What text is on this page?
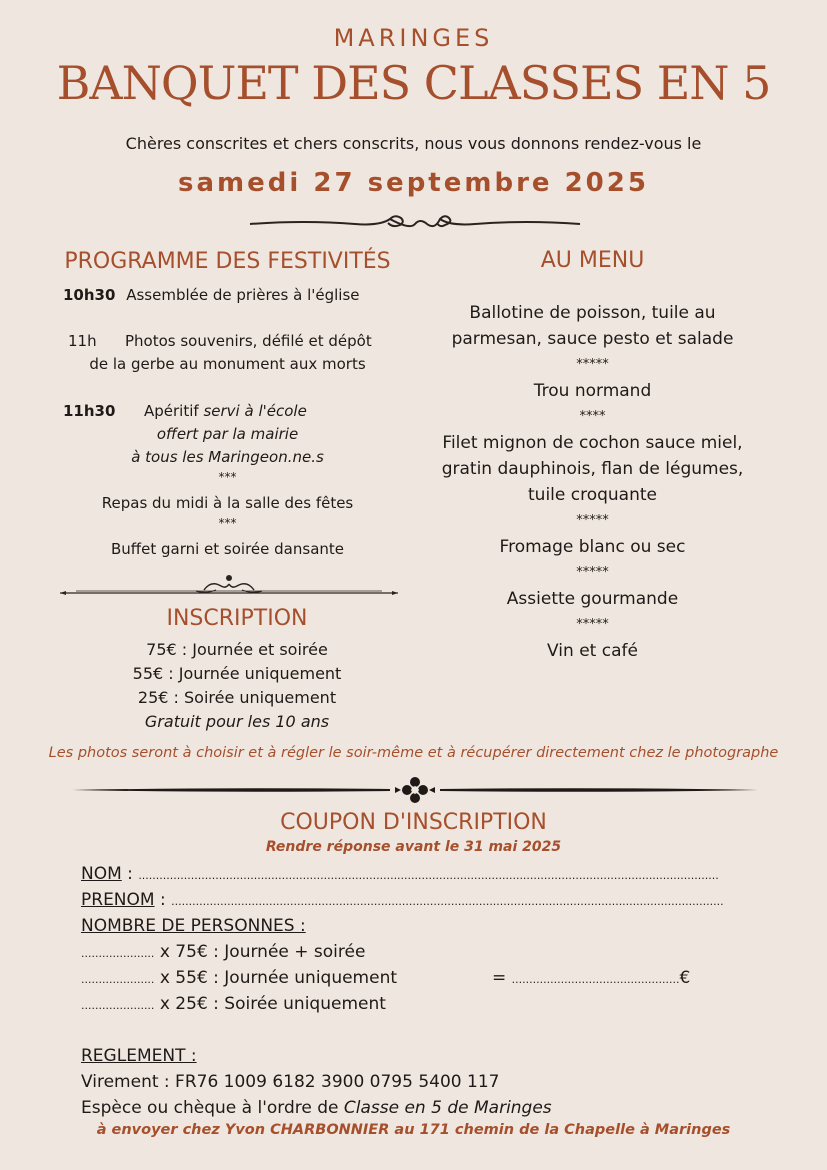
MARINGES
BANQUET DES CLASSES EN 5
Chères conscrites et chers conscrits, nous vous donnons rendez-vous le
samedi 27 septembre 2025
PROGRAMME DES FESTIVITÉS
10h30 Assemblée de prières à l'église
11h Photos souvenirs, défilé et dépôt
de la gerbe au monument aux morts
11h30 Apéritif servi à l'école
offert par la mairie
à tous les Maringeon.ne.s
***
Repas du midi à la salle des fêtes
***
Buffet garni et soirée dansante
INSCRIPTION
75€ : Journée et soirée
55€ : Journée uniquement
25€ : Soirée uniquement
Gratuit pour les 10 ans
AU MENU
Ballotine de poisson, tuile au
parmesan, sauce pesto et salade
*****
Trou normand
****
Filet mignon de cochon sauce miel,
gratin dauphinois, flan de légumes,
tuile croquante
*****
Fromage blanc ou sec
*****
Assiette gourmande
*****
Vin et café
Les photos seront à choisir et à régler le soir-même et à récupérer directement chez le photographe
COUPON D'INSCRIPTION
Rendre réponse avant le 31 mai 2025
NOM : ......................................................................................................................................................................
PRENOM : ..............................................................................................................................................................
NOMBRE DE PERSONNES :
..................... x 75€ : Journée + soirée
..................... x 55€ : Journée uniquement
..................... x 25€ : Soirée uniquement
= ................................................€
REGLEMENT :
Virement : FR76 1009 6182 3900 0795 5400 117
Espèce ou chèque à l'ordre de Classe en 5 de Maringes
à envoyer chez Yvon CHARBONNIER au 171 chemin de la Chapelle à Maringes
